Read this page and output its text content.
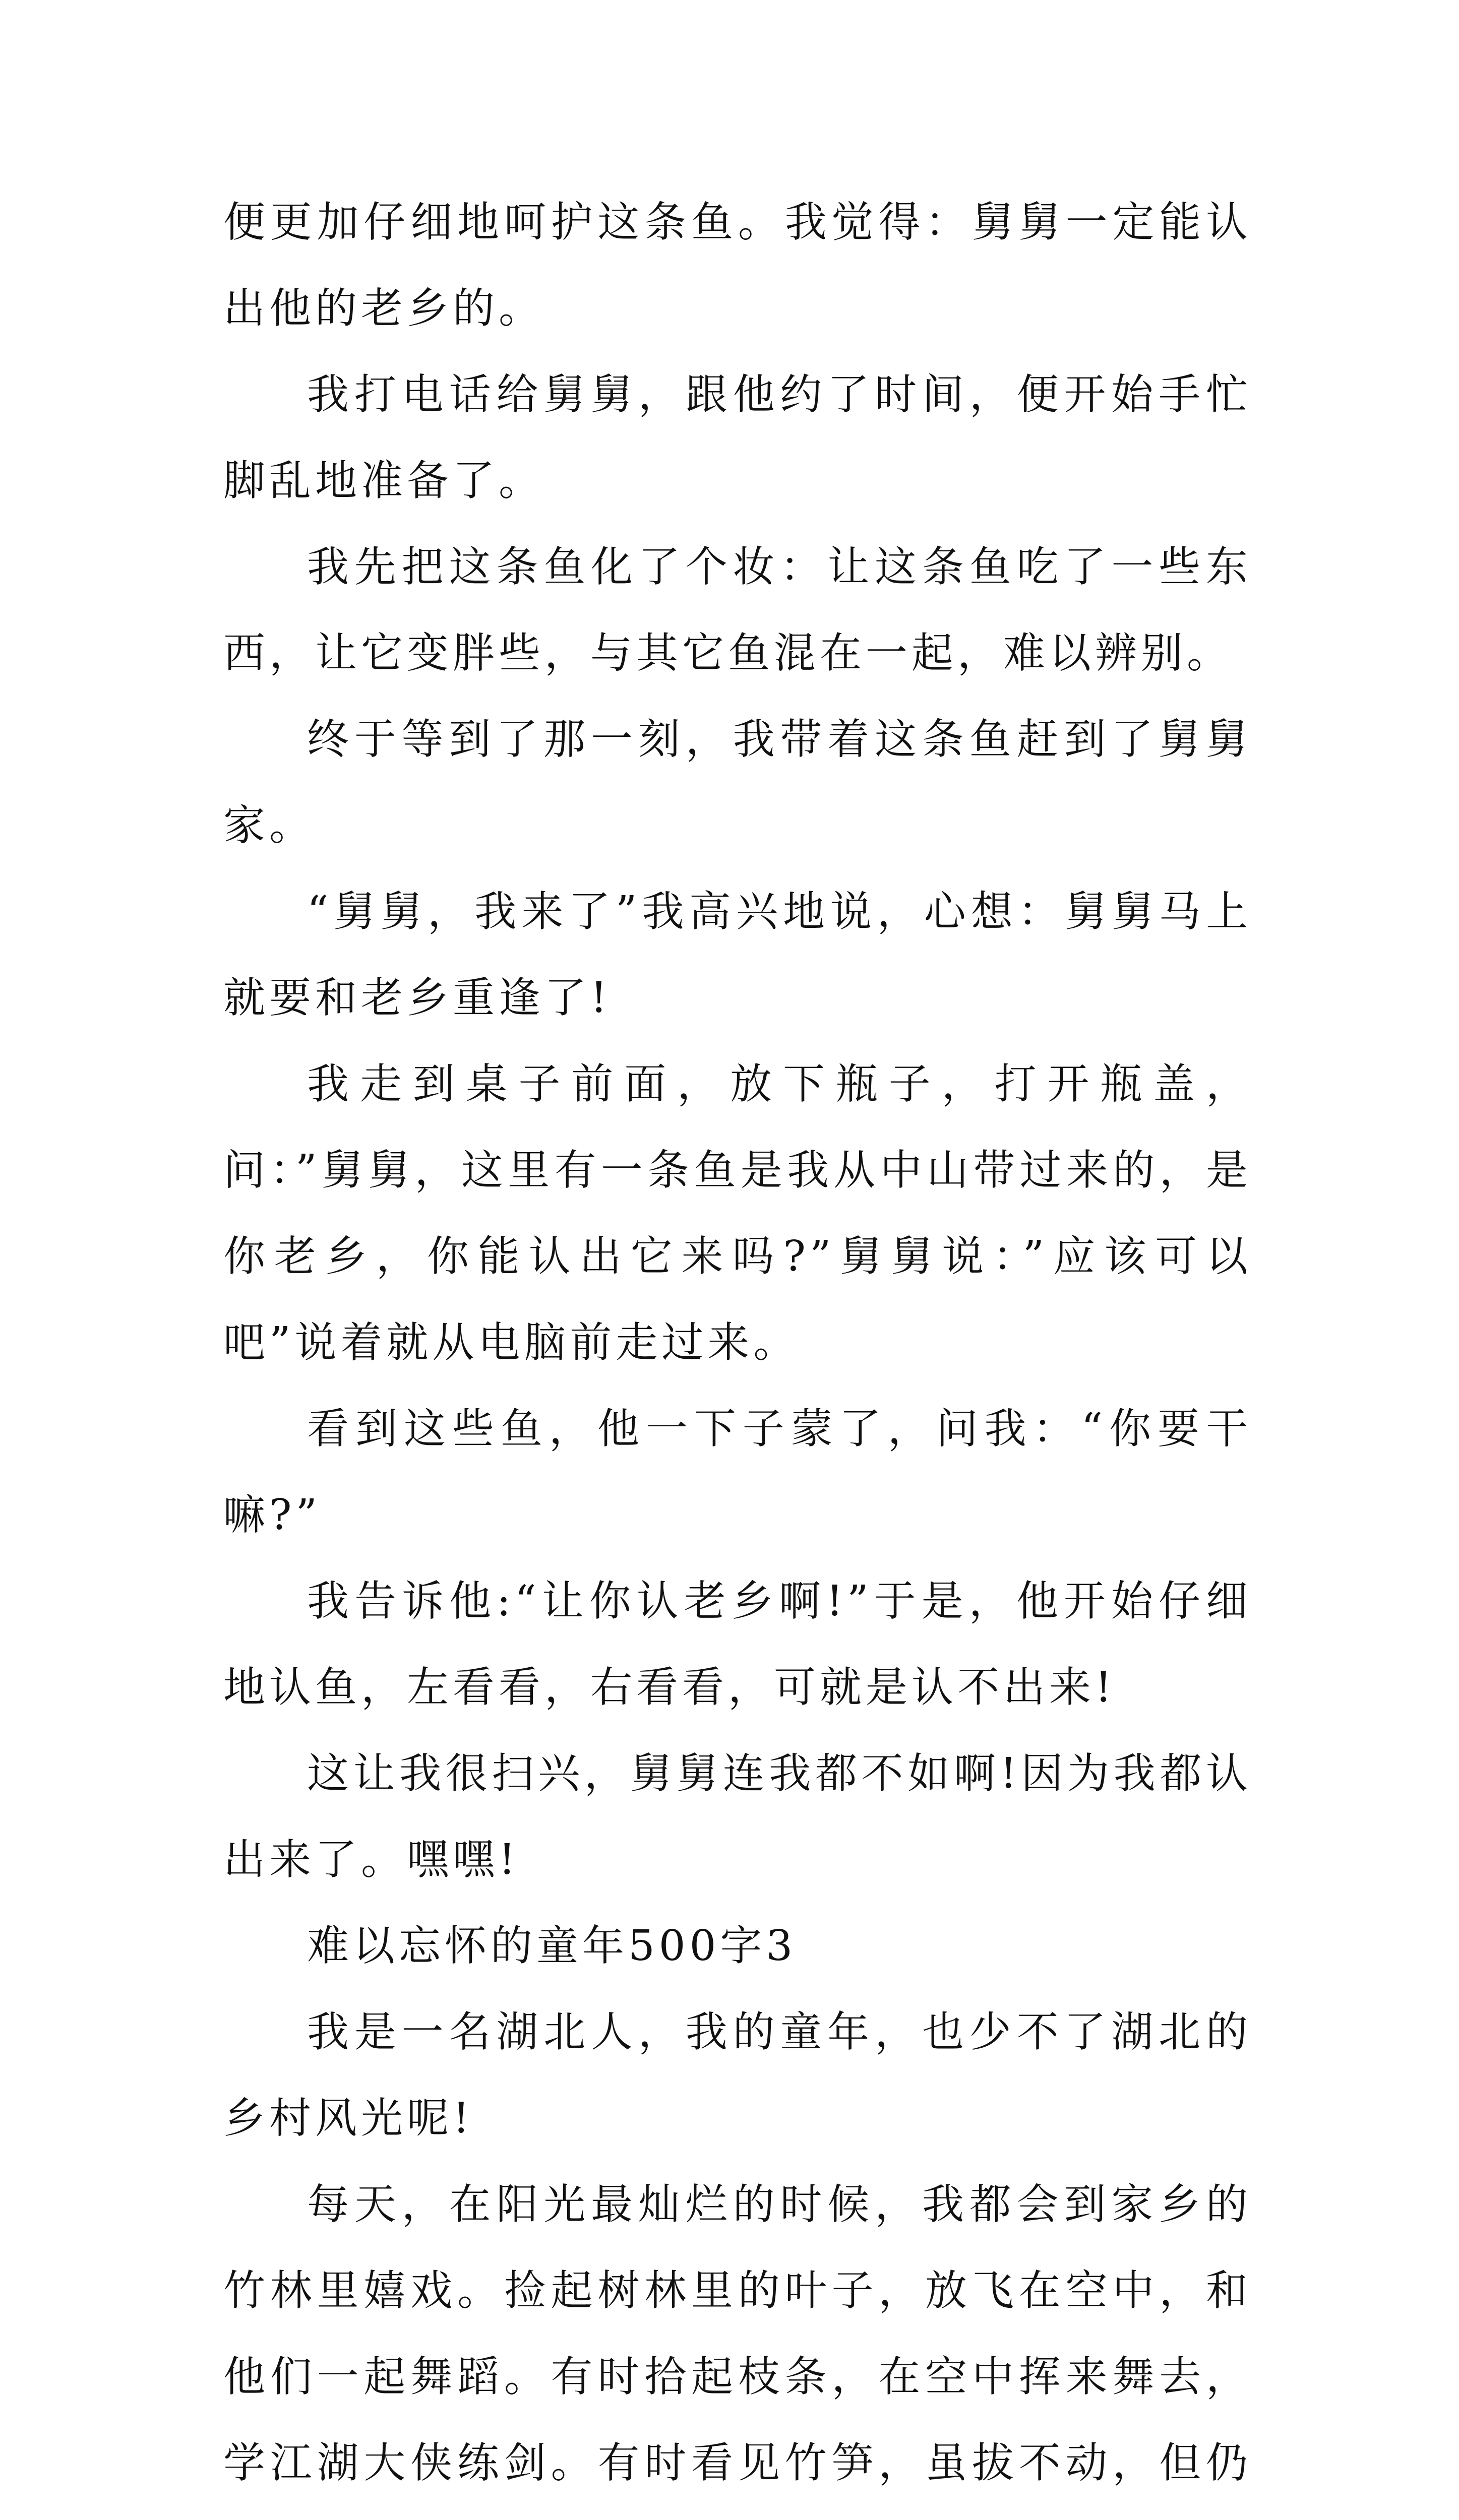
便更加仔细地呵护这条鱼。我觉得：舅舅一定能认出他的老乡的。

我打电话给舅舅，跟他约了时间，便开始手忙脚乱地准备了。

我先把这条鱼化了个妆：让这条鱼吃了一些东西，让它变胖些，与其它鱼混在一起，难以辨别。

终于等到了那一刻，我带着这条鱼赶到了舅舅家。

“舅舅，我来了”我高兴地说，心想：舅舅马上就要和老乡重逢了!

我走到桌子前面，放下瓶子，打开瓶盖，问：”舅舅，这里有一条鱼是我从中山带过来的，是你老乡，你能认出它来吗?”舅舅说：”应该可以吧”说着就从电脑前走过来。

看到这些鱼，他一下子蒙了，问我：“你要干嘛?”

我告诉他:“让你认老乡啊!”于是，他开始仔细地认鱼，左看看，右看看，可就是认不出来!

这让我很扫兴，舅舅连我都不如啊!因为我都认出来了。嘿嘿!

难以忘怀的童年500字3

我是一名湖北人，我的童年，也少不了湖北的乡村风光呢!

每天，在阳光最灿烂的时候，我都会到家乡的竹林里嬉戏。捡起树林里的叶子，放飞在空中，和他们一起舞蹈。有时拾起枝条，在空中挥来舞去，学江湖大侠练剑。有时看见竹笋，虽拔不动，但仍
